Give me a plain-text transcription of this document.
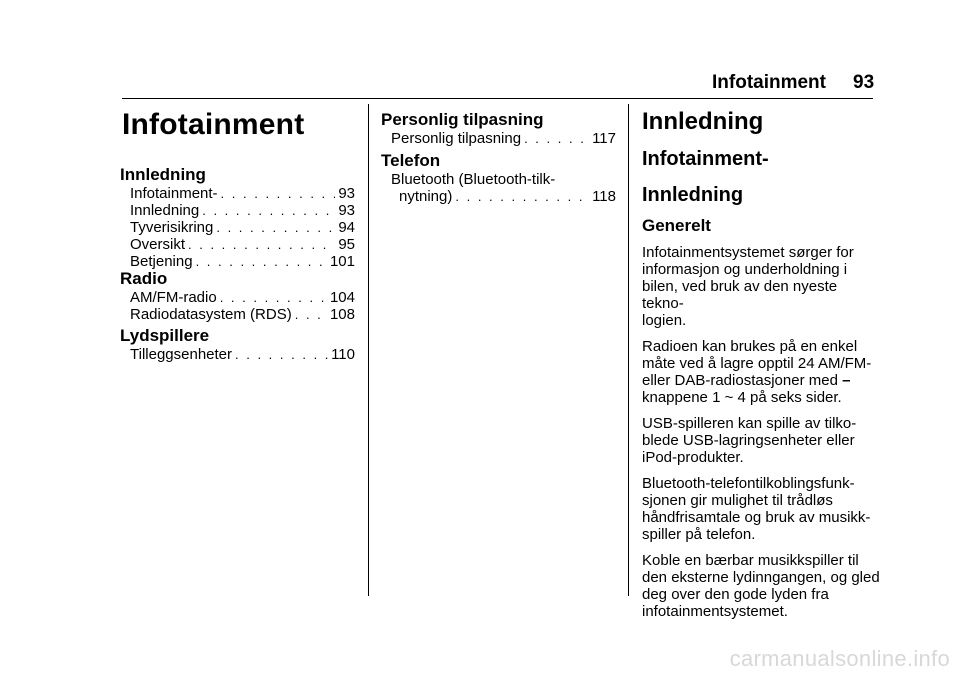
Infotainment 93
Infotainment
Innledning
Infotainment- . . .	93
Innledning . . .	93
Tyverisikring . . .	94
Oversikt . . .	95
Betjening . . .	101
Radio
AM/FM-radio . . .	104
Radiodatasystem (RDS) . . .	108
Lydspillere
Tilleggsenheter . . .	110
Personlig tilpasning
Personlig tilpasning . . .	117
Telefon
Bluetooth (Bluetooth-tilk-
nytning) . . .	118
Innledning
Infotainment-
Innledning
Generelt
Infotainmentsystemet sørger for
informasjon og underholdning i
bilen, ved bruk av den nyeste tekno-
logien.
Radioen kan brukes på en enkel
måte ved å lagre opptil 24 AM/FM-
eller DAB-radiostasjoner med –
knappene 1 ~ 4 på seks sider.
USB-spilleren kan spille av tilko-
blede USB-lagringsenheter eller
iPod-produkter.
Bluetooth-telefontilkoblingsfunk-
sjonen gir mulighet til trådløs
håndfrisamtale og bruk av musikk-
spiller på telefon.
Koble en bærbar musikkspiller til
den eksterne lydinngangen, og gled
deg over den gode lyden fra
infotainmentsystemet.
carmanualsonline.info
